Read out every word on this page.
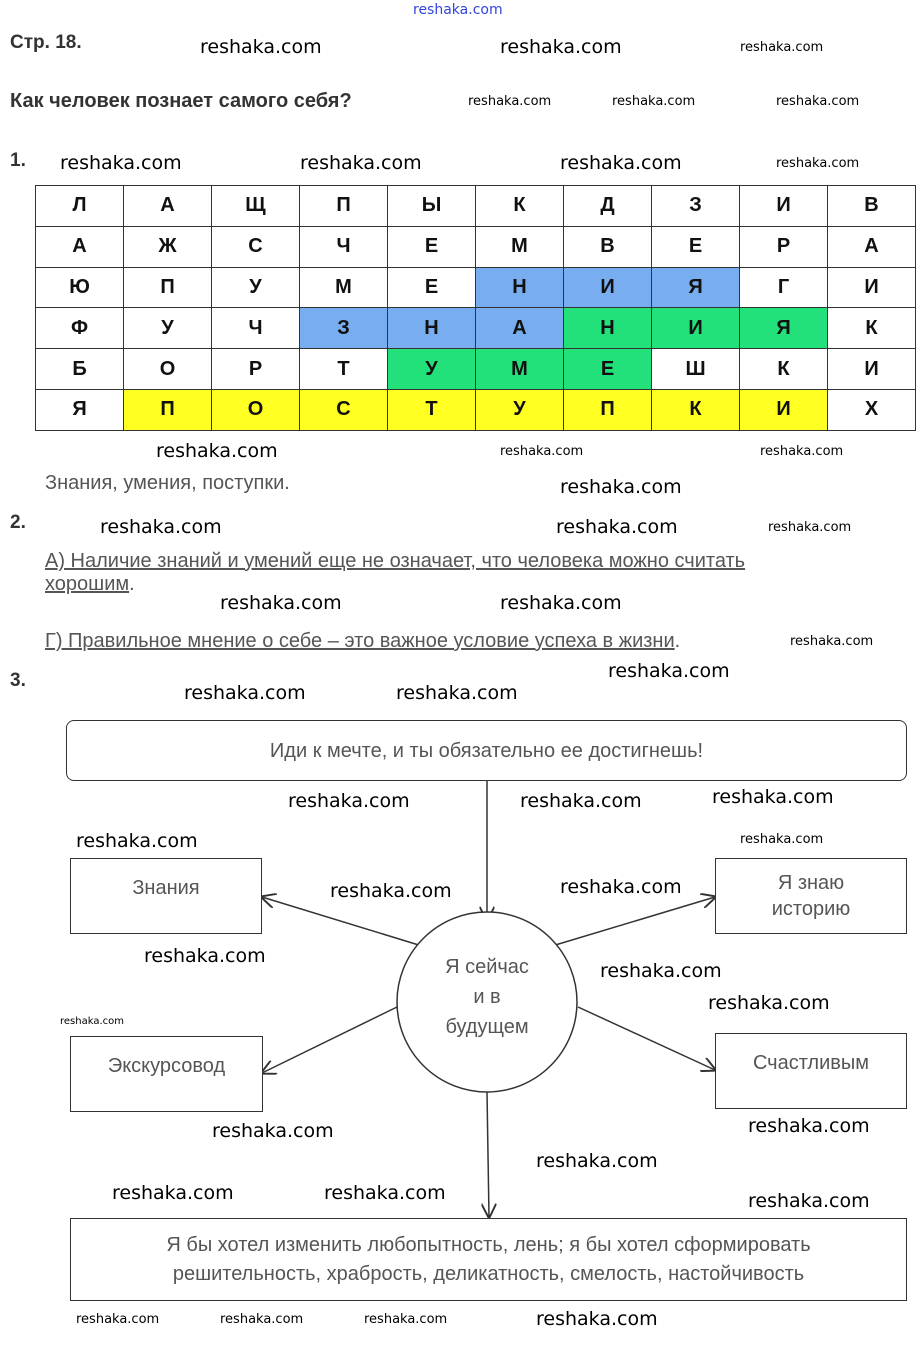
reshaka.com
Стр. 18.
Как человек познает самого себя?
1.
Л	А	Щ	П	Ы	К	Д	З	И	В
А	Ж	С	Ч	Е	М	В	Е	Р	А
Ю	П	У	М	Е	Н	И	Я	Г	И
Ф	У	Ч	З	Н	А	Н	И	Я	К
Б	О	Р	Т	У	М	Е	Ш	К	И
Я	П	О	С	Т	У	П	К	И	Х
Знания, умения, поступки.
2.
А) Наличие знаний и умений еще не означает, что человека можно считать
хорошим.
Г) Правильное мнение о себе – это важное условие успеха в жизни.
3.
Иди к мечте, и ты обязательно ее достигнешь!
Я сейчас
и в
будущем
Знания	Я знаю
историю
Экскурсовод	Счастливым
Я бы хотел изменить любопытность, лень; я бы хотел сформировать
решительность, храбрость, деликатность, смелость, настойчивость
reshaka.com	reshaka.com	reshaka.com
reshaka.com	reshaka.com	reshaka.com
reshaka.com	reshaka.com	reshaka.com	reshaka.com
reshaka.com	reshaka.com	reshaka.com
reshaka.com
reshaka.com	reshaka.com	reshaka.com
reshaka.com	reshaka.com
reshaka.com
reshaka.com
reshaka.com	reshaka.com
reshaka.com
reshaka.com	reshaka.com
reshaka.com	reshaka.com
reshaka.com	reshaka.com
reshaka.com
reshaka.com
reshaka.com
reshaka.com
reshaka.com	reshaka.com
reshaka.com
reshaka.com	reshaka.com	reshaka.com
reshaka.com	reshaka.com	reshaka.com	reshaka.com
